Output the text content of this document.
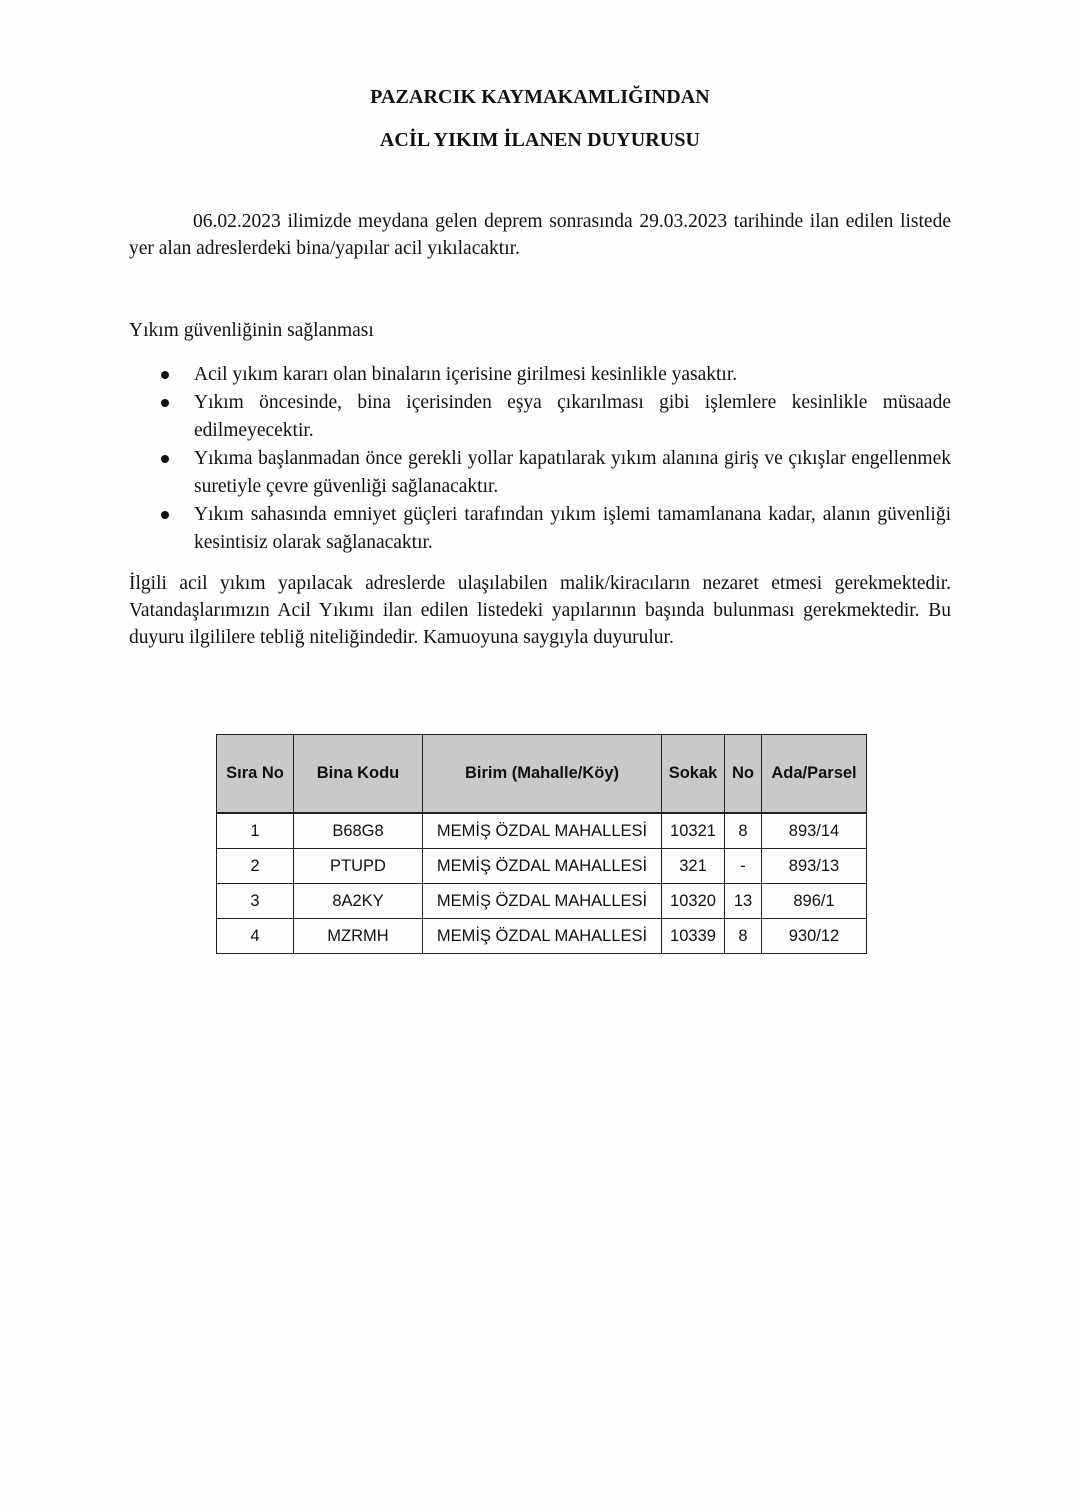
PAZARCIK KAYMAKAMLIĞINDAN
ACİL YIKIM İLANEN DUYURUSU

06.02.2023 ilimizde meydana gelen deprem sonrasında 29.03.2023 tarihinde ilan edilen listede yer alan adreslerdeki bina/yapılar acil yıkılacaktır.

Yıkım güvenliğinin sağlanması

Acil yıkım kararı olan binaların içerisine girilmesi kesinlikle yasaktır.
Yıkım öncesinde, bina içerisinden eşya çıkarılması gibi işlemlere kesinlikle müsaade edilmeyecektir.
Yıkıma başlanmadan önce gerekli yollar kapatılarak yıkım alanına giriş ve çıkışlar engellenmek suretiyle çevre güvenliği sağlanacaktır.
Yıkım sahasında emniyet güçleri tarafından yıkım işlemi tamamlanana kadar, alanın güvenliği kesintisiz olarak sağlanacaktır.

İlgili acil yıkım yapılacak adreslerde ulaşılabilen malik/kiracıların nezaret etmesi gerekmektedir. Vatandaşlarımızın Acil Yıkımı ilan edilen listedeki yapılarının başında bulunması gerekmektedir. Bu duyuru ilgililere tebliğ niteliğindedir. Kamuoyuna saygıyla duyurulur.

Sıra No	Bina Kodu	Birim (Mahalle/Köy)	Sokak	No	Ada/Parsel
1	B68G8	MEMİŞ ÖZDAL MAHALLESİ	10321	8	893/14
2	PTUPD	MEMİŞ ÖZDAL MAHALLESİ	321	-	893/13
3	8A2KY	MEMİŞ ÖZDAL MAHALLESİ	10320	13	896/1
4	MZRMH	MEMİŞ ÖZDAL MAHALLESİ	10339	8	930/12
